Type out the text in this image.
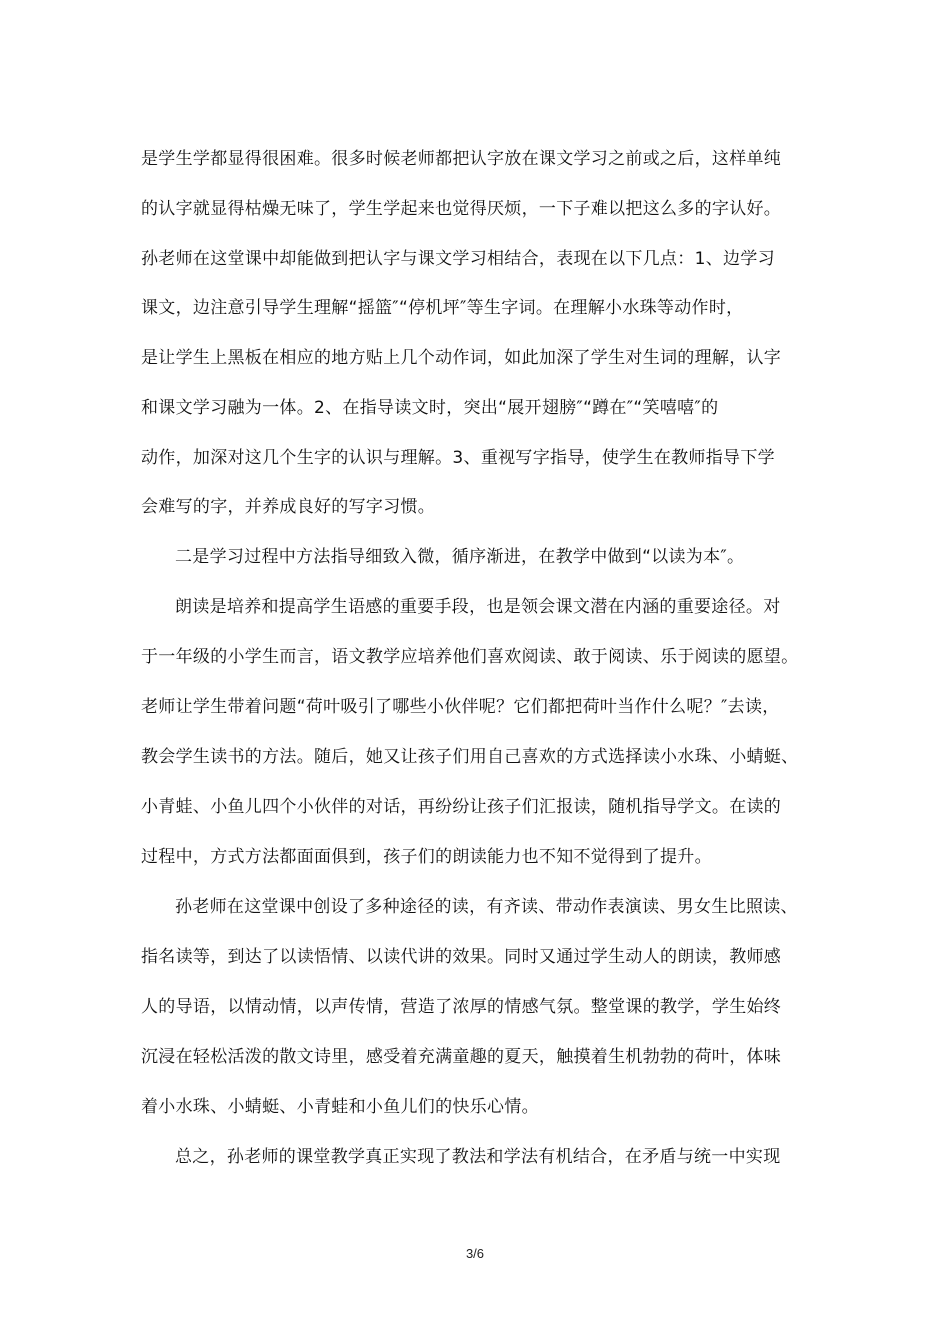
是学生学都显得很困难。很多时候老师都把认字放在课文学习之前或之后，这样单纯
的认字就显得枯燥无味了，学生学起来也觉得厌烦，一下子难以把这么多的字认好。
孙老师在这堂课中却能做到把认字与课文学习相结合，表现在以下几点：1、边学习
课文，边注意引导学生理解“摇篮″“停机坪″等生字词。在理解小水珠等动作时，
是让学生上黑板在相应的地方贴上几个动作词，如此加深了学生对生词的理解，认字
和课文学习融为一体。2、在指导读文时，突出“展开翅膀″“蹲在″“笑嘻嘻″的
动作，加深对这几个生字的认识与理解。3、重视写字指导，使学生在教师指导下学
会难写的字，并养成良好的写字习惯。
二是学习过程中方法指导细致入微，循序渐进，在教学中做到“以读为本″。
朗读是培养和提高学生语感的重要手段，也是领会课文潜在内涵的重要途径。对
于一年级的小学生而言，语文教学应培养他们喜欢阅读、敢于阅读、乐于阅读的愿望。
老师让学生带着问题“荷叶吸引了哪些小伙伴呢？它们都把荷叶当作什么呢？″去读，
教会学生读书的方法。随后，她又让孩子们用自己喜欢的方式选择读小水珠、小蜻蜓、
小青蛙、小鱼儿四个小伙伴的对话，再纷纷让孩子们汇报读，随机指导学文。在读的
过程中，方式方法都面面俱到，孩子们的朗读能力也不知不觉得到了提升。
孙老师在这堂课中创设了多种途径的读，有齐读、带动作表演读、男女生比照读、
指名读等，到达了以读悟情、以读代讲的效果。同时又通过学生动人的朗读，教师感
人的导语，以情动情，以声传情，营造了浓厚的情感气氛。整堂课的教学，学生始终
沉浸在轻松活泼的散文诗里，感受着充满童趣的夏天，触摸着生机勃勃的荷叶，体味
着小水珠、小蜻蜓、小青蛙和小鱼儿们的快乐心情。
总之，孙老师的课堂教学真正实现了教法和学法有机结合，在矛盾与统一中实现
3/6
